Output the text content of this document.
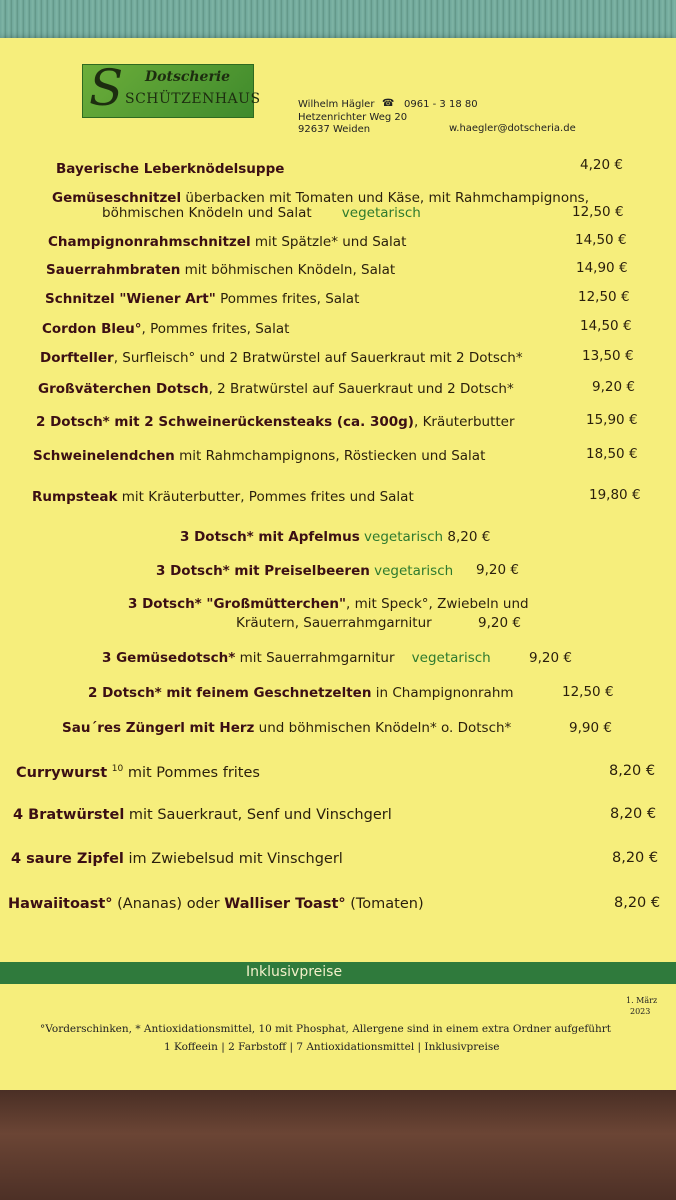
S Dotscherie
SCHÜTZENHAUS	Wilhelm Hägler ☎ 0961 - 3 18 80
Hetzenrichter Weg 20
92637 Weiden	w.haegler@dotscheria.de
Bayerische Leberknödelsuppe	4,20 €
Gemüseschnitzel überbacken mit Tomaten und Käse, mit Rahmchampignons,
böhmischen Knödeln und Salat vegetarisch	12,50 €
Champignonrahmschnitzel mit Spätzle* und Salat	14,50 €
Sauerrahmbraten mit böhmischen Knödeln, Salat	14,90 €
Schnitzel "Wiener Art" Pommes frites, Salat	12,50 €
Cordon Bleu°, Pommes frites, Salat	14,50 €
Dorfteller, Surfleisch° und 2 Bratwürstel auf Sauerkraut mit 2 Dotsch*	13,50 €
Großväterchen Dotsch, 2 Bratwürstel auf Sauerkraut und 2 Dotsch*	9,20 €
2 Dotsch* mit 2 Schweinerückensteaks (ca. 300g), Kräuterbutter	15,90 €
Schweinelendchen mit Rahmchampignons, Röstiecken und Salat	18,50 €
Rumpsteak mit Kräuterbutter, Pommes frites und Salat	19,80 €
3 Dotsch* mit Apfelmus vegetarisch 8,20 €
3 Dotsch* mit Preiselbeeren vegetarisch 9,20 €
3 Dotsch* "Großmütterchen", mit Speck°, Zwiebeln und
Kräutern, Sauerrahmgarnitur	9,20 €
3 Gemüsedotsch* mit Sauerrahmgarnitur    vegetarisch	9,20 €
2 Dotsch* mit feinem Geschnetzelten in Champignonrahm	12,50 €
Sau´res Züngerl mit Herz und böhmischen Knödeln* o. Dotsch*	9,90 €
Currywurst $^{10}$ mit Pommes frites	8,20 €
4 Bratwürstel mit Sauerkraut, Senf und Vinschgerl	8,20 €
4 saure Zipfel im Zwiebelsud mit Vinschgerl	8,20 €
Hawaiitoast° (Ananas) oder Walliser Toast° (Tomaten)	8,20 €
Inklusivpreise
1. März
2023
°Vorderschinken, * Antioxidationsmittel, 10 mit Phosphat, Allergene sind in einem extra Ordner aufgeführt
1 Koffeein | 2 Farbstoff | 7 Antioxidationsmittel | Inklusivpreise
